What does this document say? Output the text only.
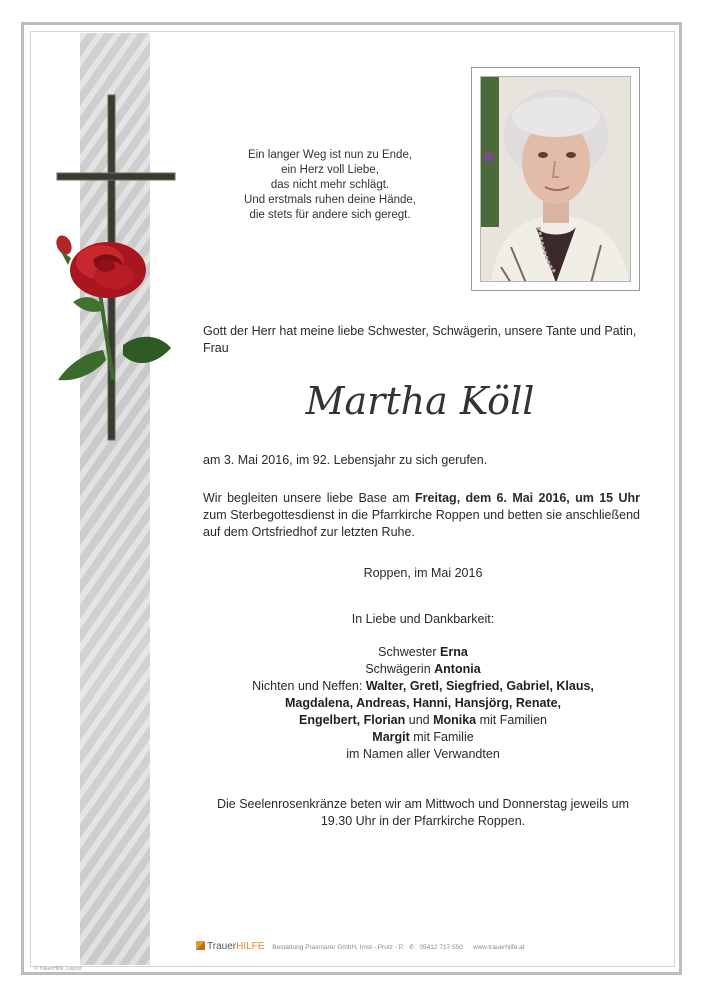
Ein langer Weg ist nun zu Ende,
ein Herz voll Liebe,
das nicht mehr schlägt.
Und erstmals ruhen deine Hände,
die stets für andere sich geregt.
Gott der Herr hat meine liebe Schwester, Schwägerin, unsere Tante und Patin, Frau
Martha Köll
am 3. Mai 2016, im 92. Lebensjahr zu sich gerufen.
Wir begleiten unsere liebe Base am Freitag, dem 6. Mai 2016, um 15 Uhr zum Sterbegottesdienst in die Pfarrkirche Roppen und betten sie anschließend auf dem Ortsfriedhof zur letzten Ruhe.
Roppen, im Mai 2016
In Liebe und Dankbarkeit:
Schwester Erna
Schwägerin Antonia
Nichten und Neffen: Walter, Gretl, Siegfried, Gabriel, Klaus,
Magdalena, Andreas, Hanni, Hansjörg, Renate,
Engelbert, Florian und Monika mit Familien
Margit mit Familie
im Namen aller Verwandten
Die Seelenrosenkränze beten wir am Mittwoch und Donnerstag jeweils um 19.30 Uhr in der Pfarrkirche Roppen.
TrauerHILFE Bestattung Praxmarer GmbH, Imst - Prutz - P. ✆ 05412 717 550 www.trauerhilfe.at
© TrauerHilfe, Layout
